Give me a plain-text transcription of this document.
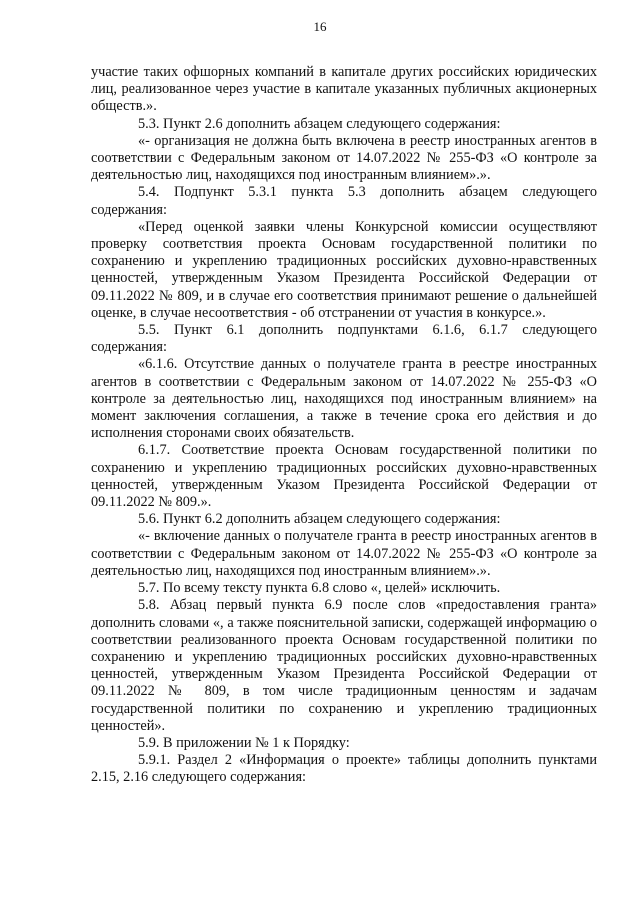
16

участие таких офшорных компаний в капитале других российских юридических лиц, реализованное через участие в капитале указанных публичных акционерных обществ.».

5.3. Пункт 2.6 дополнить абзацем следующего содержания:

«- организация не должна быть включена в реестр иностранных агентов в соответствии с Федеральным законом от 14.07.2022 № 255-ФЗ «О контроле за деятельностью лиц, находящихся под иностранным влиянием».».

5.4. Подпункт 5.3.1 пункта 5.3 дополнить абзацем следующего содержания:

«Перед оценкой заявки члены Конкурсной комиссии осуществляют проверку соответствия проекта Основам государственной политики по сохранению и укреплению традиционных российских духовно-нравственных ценностей, утвержденным Указом Президента Российской Федерации от 09.11.2022 № 809, и в случае его соответствия принимают решение о дальнейшей оценке, в случае несоответствия - об отстранении от участия в конкурсе.».

5.5. Пункт 6.1 дополнить подпунктами 6.1.6, 6.1.7 следующего содержания:

«6.1.6. Отсутствие данных о получателе гранта в реестре иностранных агентов в соответствии с Федеральным законом от 14.07.2022 № 255-ФЗ «О контроле за деятельностью лиц, находящихся под иностранным влиянием» на момент заключения соглашения, а также в течение срока его действия и до исполнения сторонами своих обязательств.

6.1.7. Соответствие проекта Основам государственной политики по сохранению и укреплению традиционных российских духовно-нравственных ценностей, утвержденным Указом Президента Российской Федерации от 09.11.2022 № 809.».

5.6. Пункт 6.2 дополнить абзацем следующего содержания:

«- включение данных о получателе гранта в реестр иностранных агентов в соответствии с Федеральным законом от 14.07.2022 № 255-ФЗ «О контроле за деятельностью лиц, находящихся под иностранным влиянием».».

5.7. По всему тексту пункта 6.8 слово «, целей» исключить.

5.8. Абзац первый пункта 6.9 после слов «предоставления гранта» дополнить словами «, а также пояснительной записки, содержащей информацию о соответствии реализованного проекта Основам государственной политики по сохранению и укреплению традиционных российских духовно-нравственных ценностей, утвержденным Указом Президента Российской Федерации от 09.11.2022 № 809, в том числе традиционным ценностям и задачам государственной политики по сохранению и укреплению традиционных ценностей».

5.9. В приложении № 1 к Порядку:

5.9.1. Раздел 2 «Информация о проекте» таблицы дополнить пунктами 2.15, 2.16 следующего содержания:
